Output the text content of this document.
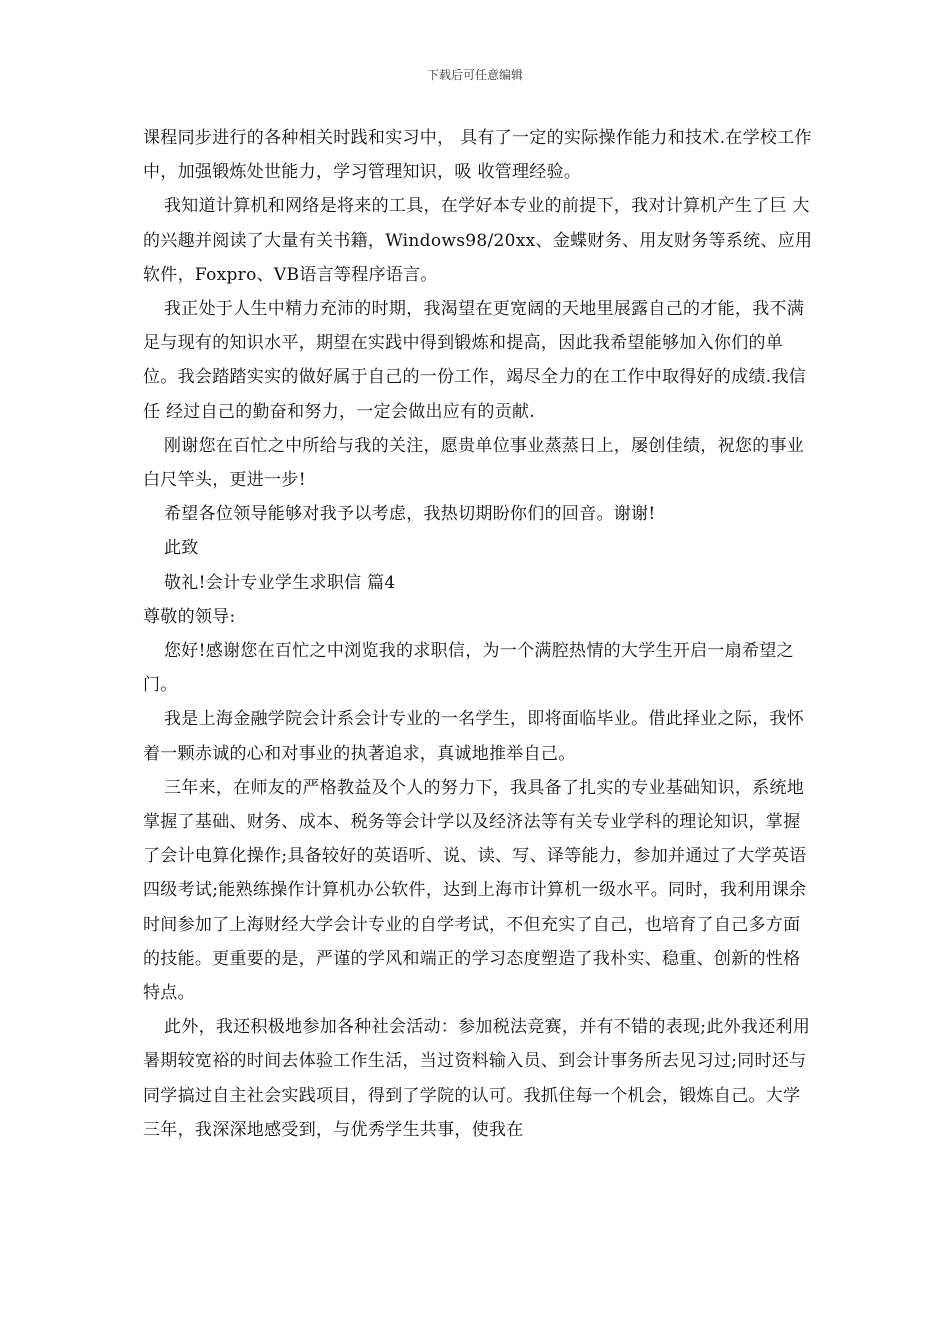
下载后可任意编辑

课程同步进行的各种相关时践和实习中， 具有了一定的实际操作能力和技术.在学校工作中，加强锻炼处世能力，学习管理知识，吸 收管理经验。

我知道计算机和网络是将来的工具，在学好本专业的前提下，我对计算机产生了巨 大的兴趣并阅读了大量有关书籍，Windows98/20xx、金蝶财务、用友财务等系统、应用 软件，Foxpro、VB语言等程序语言。

我正处于人生中精力充沛的时期，我渴望在更宽阔的天地里展露自己的才能，我不满足与现有的知识水平，期望在实践中得到锻炼和提高，因此我希望能够加入你们的单位。我会踏踏实实的做好属于自己的一份工作，竭尽全力的在工作中取得好的成绩.我信任 经过自己的勤奋和努力，一定会做出应有的贡献.

刚谢您在百忙之中所给与我的关注，愿贵单位事业蒸蒸日上，屡创佳绩，祝您的事业 白尺竿头，更进一步!

希望各位领导能够对我予以考虑，我热切期盼你们的回音。谢谢!

此致

敬礼!会计专业学生求职信 篇4

尊敬的领导:

您好!感谢您在百忙之中浏览我的求职信，为一个满腔热情的大学生开启一扇希望之门。

我是上海金融学院会计系会计专业的一名学生，即将面临毕业。借此择业之际，我怀着一颗赤诚的心和对事业的执著追求，真诚地推举自己。

三年来，在师友的严格教益及个人的努力下，我具备了扎实的专业基础知识，系统地掌握了基础、财务、成本、税务等会计学以及经济法等有关专业学科的理论知识，掌握了会计电算化操作;具备较好的英语听、说、读、写、译等能力，参加并通过了大学英语四级考试;能熟练操作计算机办公软件，达到上海市计算机一级水平。同时，我利用课余时间参加了上海财经大学会计专业的自学考试，不但充实了自己，也培育了自己多方面的技能。更重要的是，严谨的学风和端正的学习态度塑造了我朴实、稳重、创新的性格特点。

此外，我还积极地参加各种社会活动：参加税法竞赛，并有不错的表现;此外我还利用暑期较宽裕的时间去体验工作生活，当过资料输入员、到会计事务所去见习过;同时还与同学搞过自主社会实践项目，得到了学院的认可。我抓住每一个机会，锻炼自己。大学三年，我深深地感受到，与优秀学生共事，使我在
